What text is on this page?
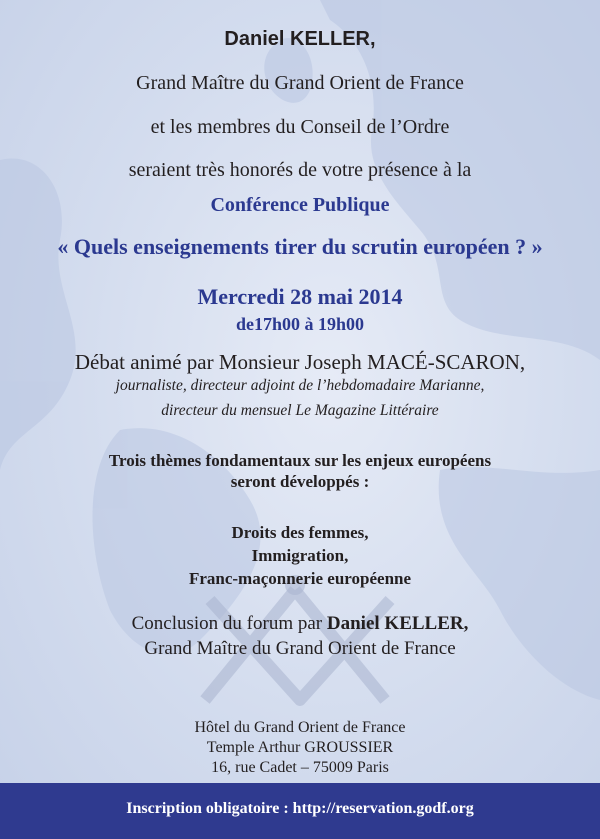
Daniel KELLER,
Grand Maître du Grand Orient de France
et les membres du Conseil de l’Ordre
seraient très honorés de votre présence à la
Conférence Publique
« Quels enseignements tirer du scrutin européen ? »
Mercredi 28 mai 2014
de17h00 à 19h00
Débat animé par Monsieur Joseph MACÉ-SCARON,
journaliste, directeur adjoint de l’hebdomadaire Marianne,
directeur du mensuel Le Magazine Littéraire
Trois thèmes fondamentaux sur les enjeux européens
seront développés :
Droits des femmes,
Immigration,
Franc-maçonnerie européenne
Conclusion du forum par Daniel KELLER,
Grand Maître du Grand Orient de France
Hôtel du Grand Orient de France
Temple Arthur GROUSSIER
16, rue Cadet – 75009 Paris
Inscription obligatoire : http://reservation.godf.org
